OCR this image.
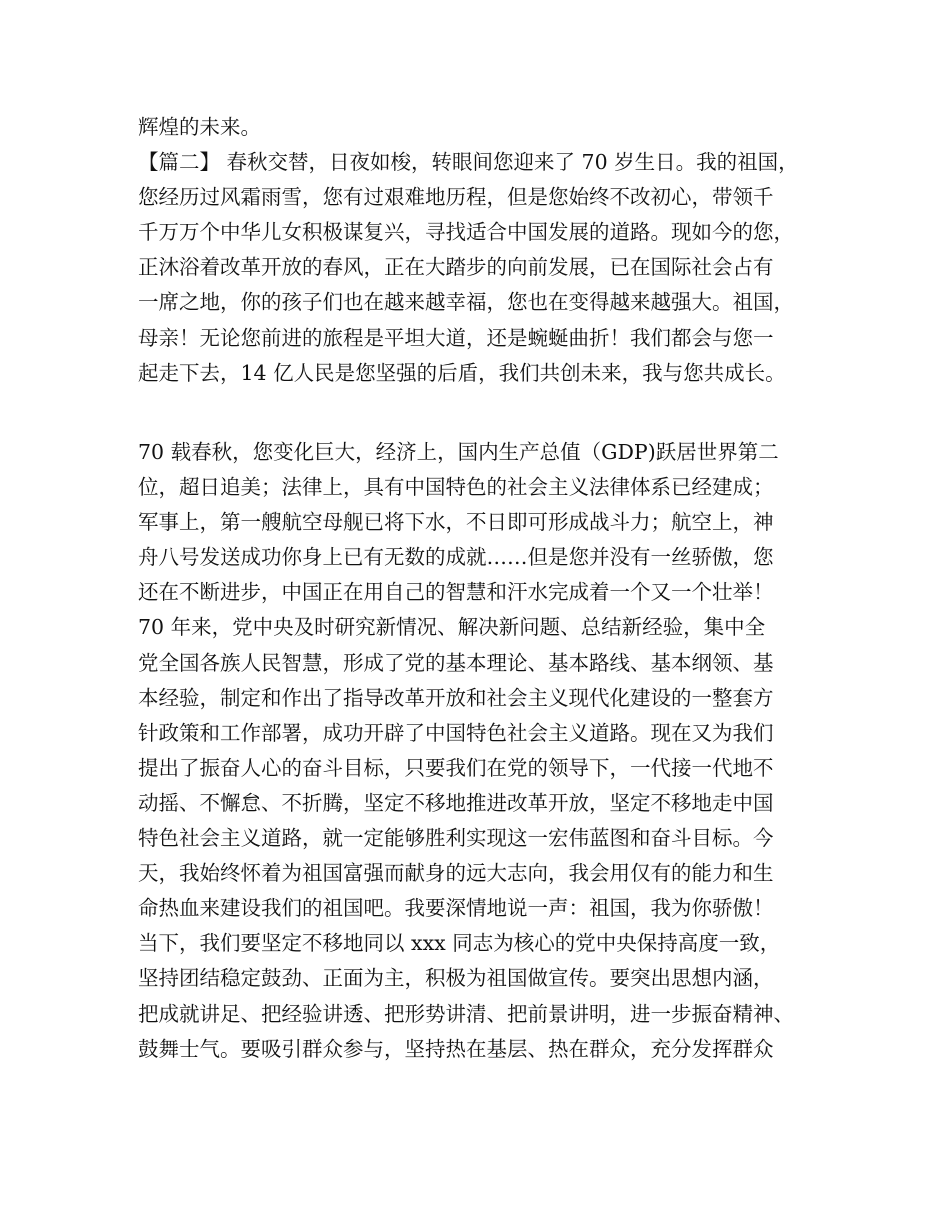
辉煌的未来。
【篇二】 春秋交替，日夜如梭，转眼间您迎来了 70 岁生日。我的祖国，
您经历过风霜雨雪，您有过艰难地历程，但是您始终不改初心，带领千
千万万个中华儿女积极谋复兴，寻找适合中国发展的道路。现如今的您，
正沐浴着改革开放的春风，正在大踏步的向前发展，已在国际社会占有
一席之地，你的孩子们也在越来越幸福，您也在变得越来越强大。祖国，
母亲！无论您前进的旅程是平坦大道，还是蜿蜒曲折！我们都会与您一
起走下去，14 亿人民是您坚强的后盾，我们共创未来，我与您共成长。
70 载春秋，您变化巨大，经济上，国内生产总值（GDP)跃居世界第二
位，超日追美；法律上，具有中国特色的社会主义法律体系已经建成；
军事上，第一艘航空母舰已将下水，不日即可形成战斗力；航空上，神
舟八号发送成功你身上已有无数的成就……但是您并没有一丝骄傲，您
还在不断进步，中国正在用自己的智慧和汗水完成着一个又一个壮举！
70 年来，党中央及时研究新情况、解决新问题、总结新经验，集中全
党全国各族人民智慧，形成了党的基本理论、基本路线、基本纲领、基
本经验，制定和作出了指导改革开放和社会主义现代化建设的一整套方
针政策和工作部署，成功开辟了中国特色社会主义道路。现在又为我们
提出了振奋人心的奋斗目标，只要我们在党的领导下，一代接一代地不
动摇、不懈怠、不折腾，坚定不移地推进改革开放，坚定不移地走中国
特色社会主义道路，就一定能够胜利实现这一宏伟蓝图和奋斗目标。今
天，我始终怀着为祖国富强而献身的远大志向，我会用仅有的能力和生
命热血来建设我们的祖国吧。我要深情地说一声：祖国，我为你骄傲！
当下，我们要坚定不移地同以 xxx 同志为核心的党中央保持高度一致，
坚持团结稳定鼓劲、正面为主，积极为祖国做宣传。要突出思想内涵，
把成就讲足、把经验讲透、把形势讲清、把前景讲明，进一步振奋精神、
鼓舞士气。要吸引群众参与，坚持热在基层、热在群众，充分发挥群众
